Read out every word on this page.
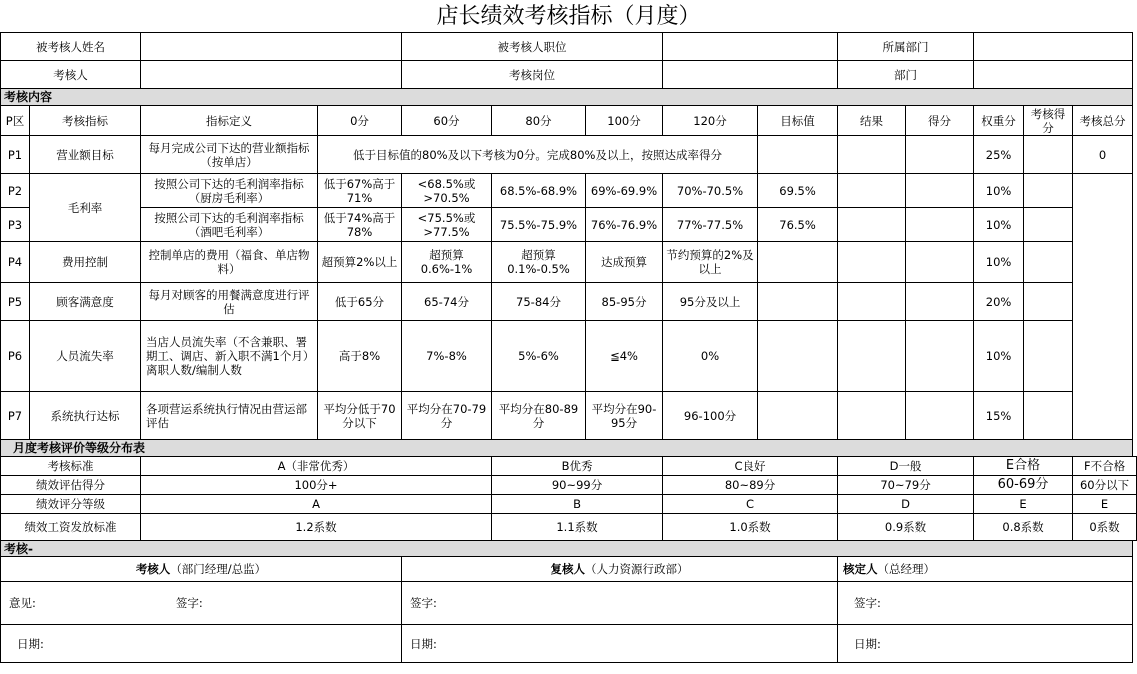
店长绩效考核指标（月度）
被考核人姓名				被考核人职位					所属部门				
考核人				考核岗位					部门				
考核内容													
P区	考核指标	指标定义	0分	60分	80分	100分	120分	目标值	结果	得分	权重分	考核得分	考核总分
P1	营业额目标	每月完成公司下达的营业额指标（按单店）	低于目标值的80%及以下考核为0分。完成80%及以上，按照达成率得分								25%		0
P2	毛利率	按照公司下达的毛利润率指标（厨房毛利率）	低于67%高于71%	<68.5%或>70.5%	68.5%-68.9%	69%-69.9%	70%-70.5%	69.5%			10%		
P3		按照公司下达的毛利润率指标（酒吧毛利率）	低于74%高于78%	<75.5%或>77.5%	75.5%-75.9%	76%-76.9%	77%-77.5%	76.5%			10%		
P4	费用控制	控制单店的费用（福食、单店物料）	超预算2%以上	超预算0.6%-1%	超预算0.1%-0.5%	达成预算	节约预算的2%及以上				10%		
P5	顾客满意度	每月对顾客的用餐满意度进行评估	低于65分	65-74分	75-84分	85-95分	95分及以上				20%		
P6	人员流失率	当店人员流失率（不含兼职、署期工、调店、新入职不满1个月）离职人数/编制人数	高于8%	7%-8%	5%-6%	≦4%	0%				10%		
P7	系统执行达标	各项营运系统执行情况由营运部评估	平均分低于70分以下	平均分在70-79分	平均分在80-89分	平均分在90-95分	96-100分				15%		
月度考核评价等级分布表													
考核标准		A（非常优秀）			B优秀		C良好		D一般		E合格		F不合格
绩效评估得分		100分+			90~99分		80~89分		70~79分		60-69分		60分以下
绩效评分等级		A			B		C		D		E		E
绩效工资发放标准		1.2系数			1.1系数		1.0系数		0.9系数		0.8系数		0系数
考核-													
考核人（部门经理/总监）				复核人（人力资源行政部）					核定人（总经理）				
意见: 签字:				签字:					签字:				
日期:				日期:					日期:				
